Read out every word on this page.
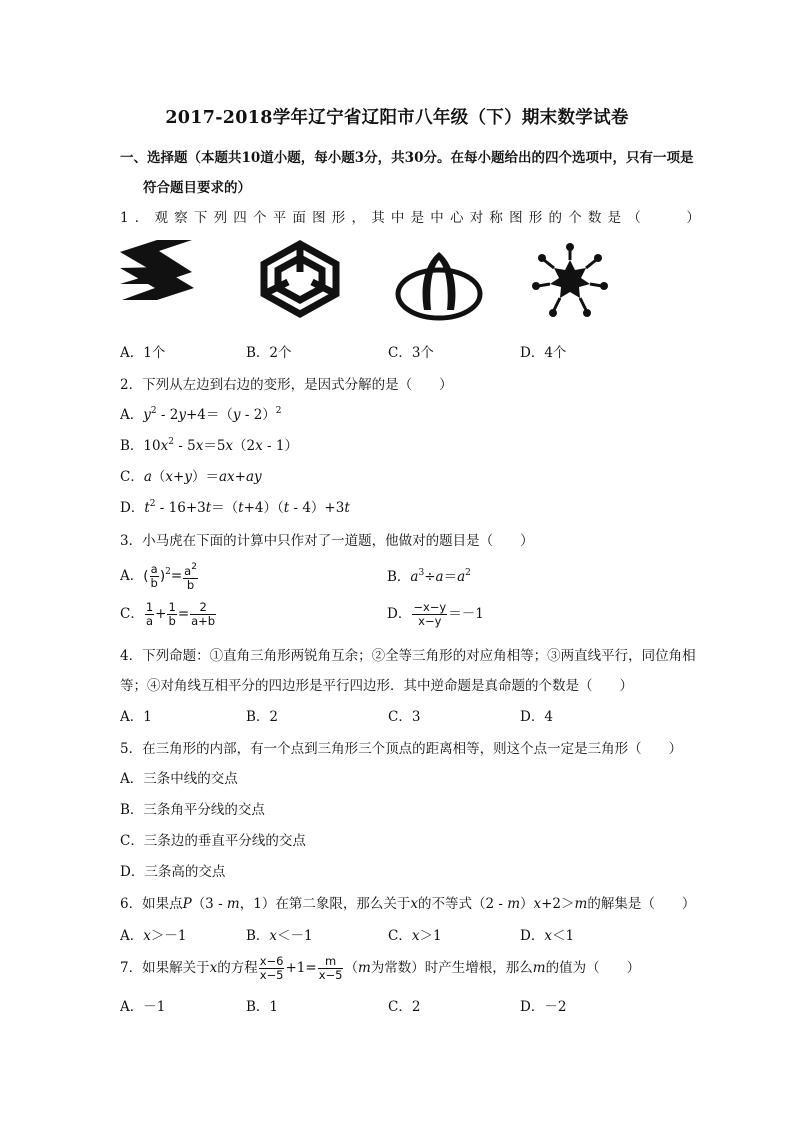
2017-2018学年辽宁省辽阳市八年级（下）期末数学试卷
一、选择题（本题共10道小题，每小题3分，共30分。在每小题给出的四个选项中，只有一项是
符合题目要求的）
1．观察下列四个平面图形，其中是中心对称图形的个数是（　　）
A．1个	B．2个	C．3个	D．4个
2．下列从左边到右边的变形，是因式分解的是（　　）
A．$y^2 - 2y+4=(y - 2)^2$
B．$10x^2 - 5x=5x(2x - 1)$
C．a（x+y）＝ax+ay
D．$t^2 - 16+3t=(t+4)(t - 4)+3t$
3．小马虎在下面的计算中只作对了一道题，他做对的题目是（　　）
A．( $\frac{a}{b} )^2= \frac{a^2}{b}$	B．$a^3\div a=a^2$
C． $\frac{1}{a} + \frac{1}{b} = \frac{2}{a+b}$	D． $\frac{-x-y}{x-y} =-1$
4．下列命题：①直角三角形两锐角互余；②全等三角形的对应角相等；③两直线平行，同位角相
等；④对角线互相平分的四边形是平行四边形．其中逆命题是真命题的个数是（　　）
A．1	B．2	C．3	D．4
5．在三角形的内部，有一个点到三角形三个顶点的距离相等，则这个点一定是三角形（　　）
A．三条中线的交点
B．三条角平分线的交点
C．三条边的垂直平分线的交点
D．三条高的交点
6．如果点P（3 - m，1）在第二象限，那么关于x的不等式（2 - m）x+2＞m的解集是（　　）
A．x＞－1	B．x＜－1	C．x＞1	D．x＜1
7．如果解关于x的方程 $\frac{x-6}{x-5} +1= \frac{m}{x-5} (m$为常数）时产生增根，那么m的值为（　　）
A．－1	B．1	C．2	D．－2
